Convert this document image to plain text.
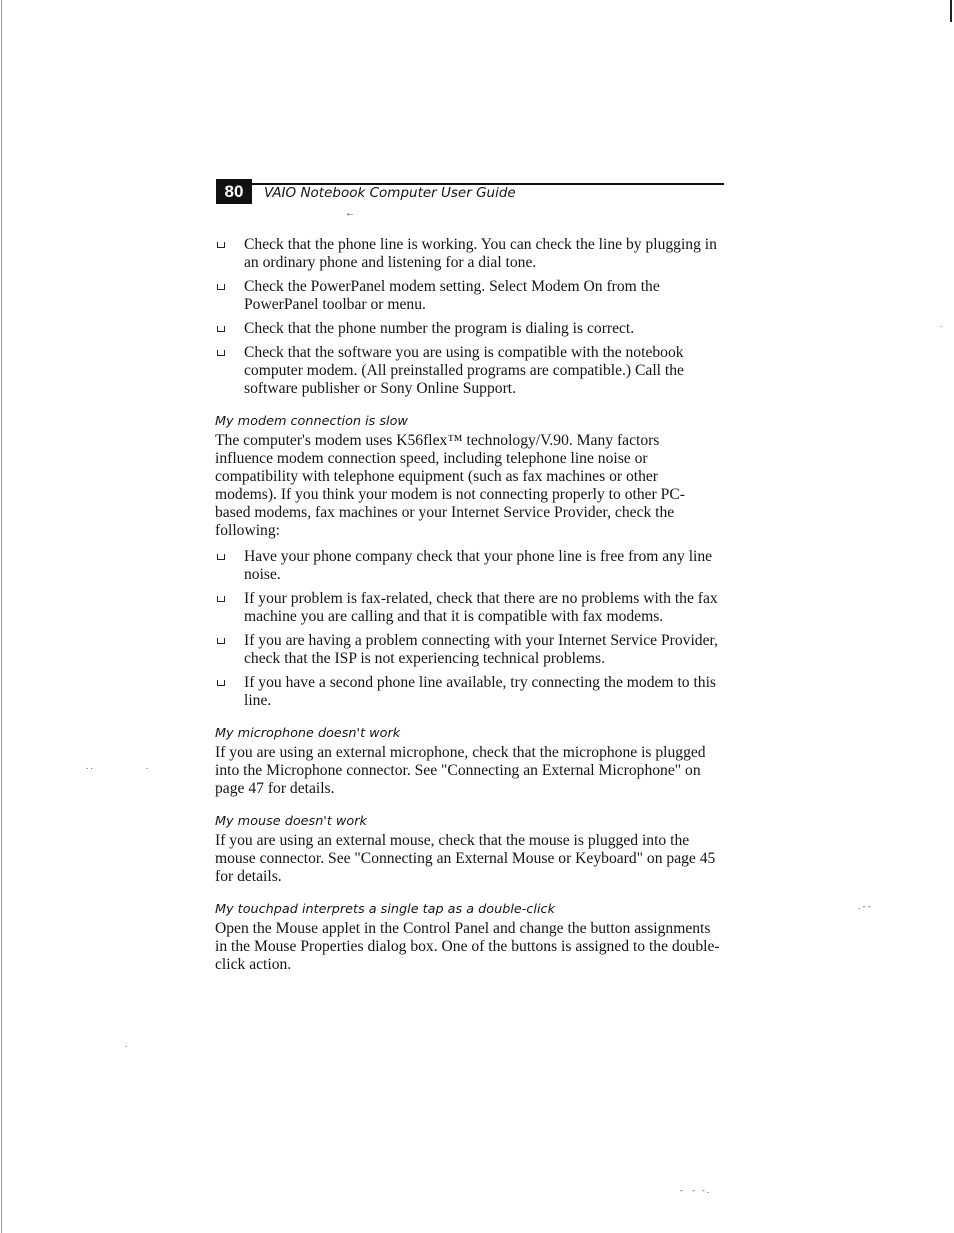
80	VAIO Notebook Computer User Guide
←
Check that the phone line is working. You can check the line by plugging in an ordinary phone and listening for a dial tone.
Check the PowerPanel modem setting. Select Modem On from the PowerPanel toolbar or menu.
Check that the phone number the program is dialing is correct.
Check that the software you are using is compatible with the notebook computer modem. (All preinstalled programs are compatible.) Call the software publisher or Sony Online Support.
My modem connection is slow

The computer's modem uses K56flex™ technology/V.90. Many factors influence modem connection speed, including telephone line noise or compatibility with telephone equipment (such as fax machines or other modems). If you think your modem is not connecting properly to other PC-based modems, fax machines or your Internet Service Provider, check the following:

Have your phone company check that your phone line is free from any line noise.
If your problem is fax-related, check that there are no problems with the fax machine you are calling and that it is compatible with fax modems.
If you are having a problem connecting with your Internet Service Provider, check that the ISP is not experiencing technical problems.
If you have a second phone line available, try connecting the modem to this line.
My microphone doesn't work

If you are using an external microphone, check that the microphone is plugged into the Microphone connector. See "Connecting an External Microphone" on page 47 for details.

My mouse doesn't work

If you are using an external mouse, check that the mouse is plugged into the mouse connector. See "Connecting an External Mouse or Keyboard" on page 45 for details.

My touchpad interprets a single tap as a double-click

Open the Mouse applet in the Control Panel and change the button assignments in the Mouse Properties dialog box. One of the buttons is assigned to the double-click action.

. .	.
.
. - -
-    -   - .
.
